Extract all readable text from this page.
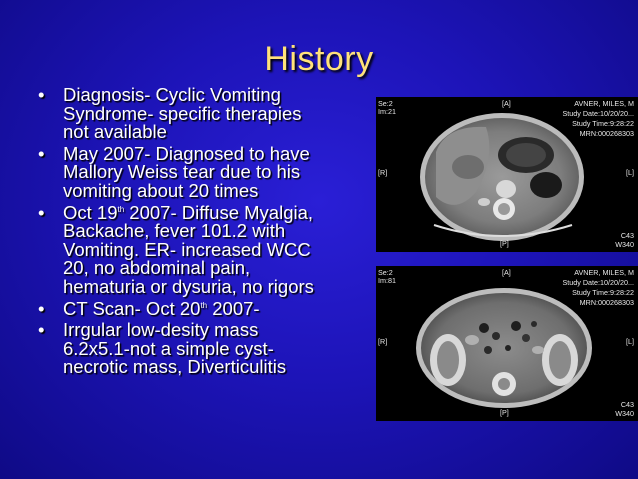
History
• Diagnosis- Cyclic Vomiting
Syndrome- specific therapies
not available
• May 2007- Diagnosed to have
Mallory Weiss tear due to his
vomiting about 20 times
• Oct 19th 2007- Diffuse Myalgia,
Backache, fever 101.2 with
Vomiting. ER- increased WCC
20, no abdominal pain,
hematuria or dysuria, no rigors
• CT Scan- Oct 20th 2007-
• Irrgular low-desity mass
6.2x5.1-not a simple cyst-
necrotic mass, Diverticulitis
Se:2
Im:21
[A]	AVNER, MILES, M
Study Date:10/20/20...
Study Time:9:28:22
MRN:000268303
[R]	[L]
[P]
C43
W340
Se:2
Im:81
[A]	AVNER, MILES, M
Study Date:10/20/20...
Study Time:9:28:22
MRN:000268303
[R]	[L]
[P]
C43
W340
